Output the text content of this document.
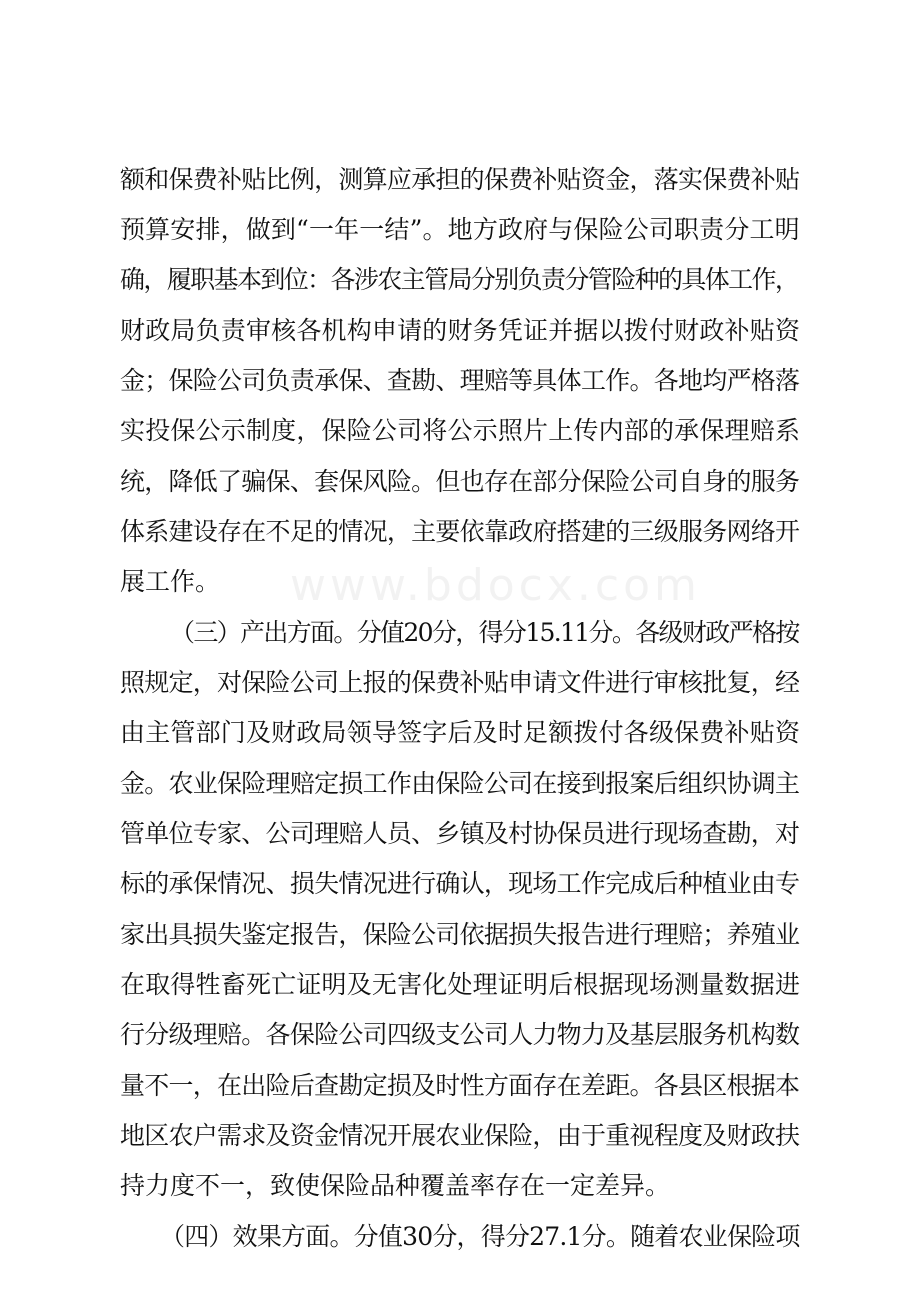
www.bdocx.com
额和保费补贴比例，测算应承担的保费补贴资金，落实保费补贴
预算安排，做到“一年一结”。地方政府与保险公司职责分工明
确，履职基本到位：各涉农主管局分别负责分管险种的具体工作，
财政局负责审核各机构申请的财务凭证并据以拨付财政补贴资
金；保险公司负责承保、查勘、理赔等具体工作。各地均严格落
实投保公示制度，保险公司将公示照片上传内部的承保理赔系
统，降低了骗保、套保风险。但也存在部分保险公司自身的服务
体系建设存在不足的情况，主要依靠政府搭建的三级服务网络开
展工作。
（三）产出方面。分值20分，得分15.11分。各级财政严格按
照规定，对保险公司上报的保费补贴申请文件进行审核批复，经
由主管部门及财政局领导签字后及时足额拨付各级保费补贴资
金。农业保险理赔定损工作由保险公司在接到报案后组织协调主
管单位专家、公司理赔人员、乡镇及村协保员进行现场查勘，对
标的承保情况、损失情况进行确认，现场工作完成后种植业由专
家出具损失鉴定报告，保险公司依据损失报告进行理赔；养殖业
在取得牲畜死亡证明及无害化处理证明后根据现场测量数据进
行分级理赔。各保险公司四级支公司人力物力及基层服务机构数
量不一，在出险后查勘定损及时性方面存在差距。各县区根据本
地区农户需求及资金情况开展农业保险，由于重视程度及财政扶
持力度不一，致使保险品种覆盖率存在一定差异。
（四）效果方面。分值30分，得分27.1分。随着农业保险项
